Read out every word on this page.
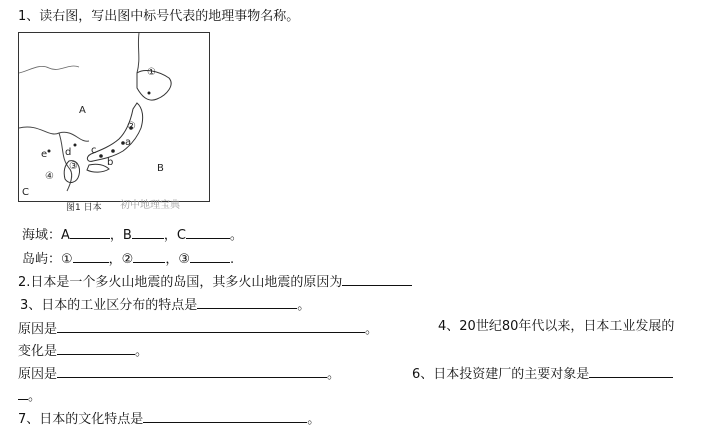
1、读右图，写出图中标号代表的地理事物名称。
A
B
C
①
②
③
④
a
b
c
d
e
图1 日本 初中地理宝典
海域：A	，B ，C	。
岛屿：①	，② ，③	.
2.日本是一个多火山地震的岛国，其多火山地震的原因为
3、日本的工业区分布的特点是	。
原因是	。	4、20世纪80年代以来，日本工业发展的
变化是	。
原因是	。	6、日本投资建厂的主要对象是
。
7、日本的文化特点是	。
